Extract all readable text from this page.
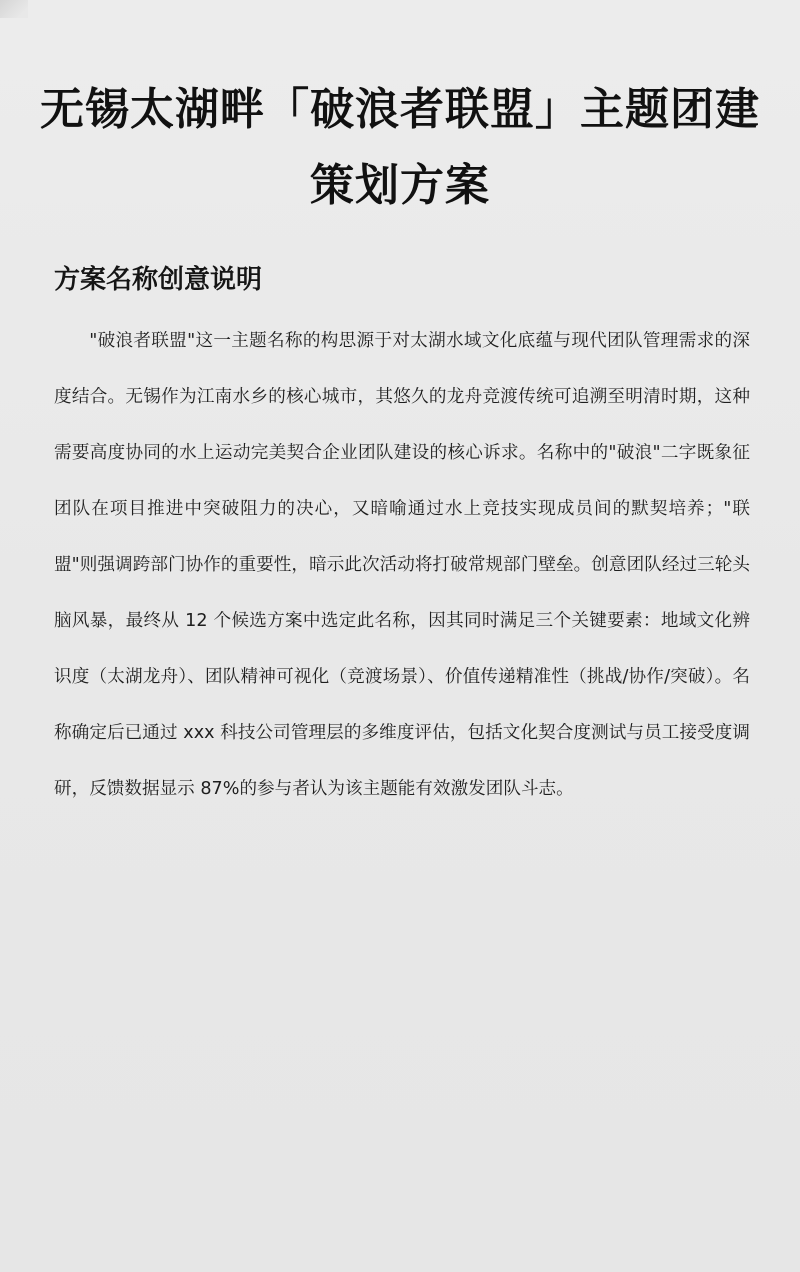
无锡太湖畔「破浪者联盟」主题团建策划方案
方案名称创意说明

"破浪者联盟"这一主题名称的构思源于对太湖水域文化底蕴与现代团队管理需求的深度结合。无锡作为江南水乡的核心城市，其悠久的龙舟竞渡传统可追溯至明清时期，这种需要高度协同的水上运动完美契合企业团队建设的核心诉求。名称中的"破浪"二字既象征团队在项目推进中突破阻力的决心，又暗喻通过水上竞技实现成员间的默契培养；"联盟"则强调跨部门协作的重要性，暗示此次活动将打破常规部门壁垒。创意团队经过三轮头脑风暴，最终从 12 个候选方案中选定此名称，因其同时满足三个关键要素：地域文化辨识度（太湖龙舟）、团队精神可视化（竞渡场景）、价值传递精准性（挑战/协作/突破）。名称确定后已通过 xxx 科技公司管理层的多维度评估，包括文化契合度测试与员工接受度调研，反馈数据显示 87%的参与者认为该主题能有效激发团队斗志。
